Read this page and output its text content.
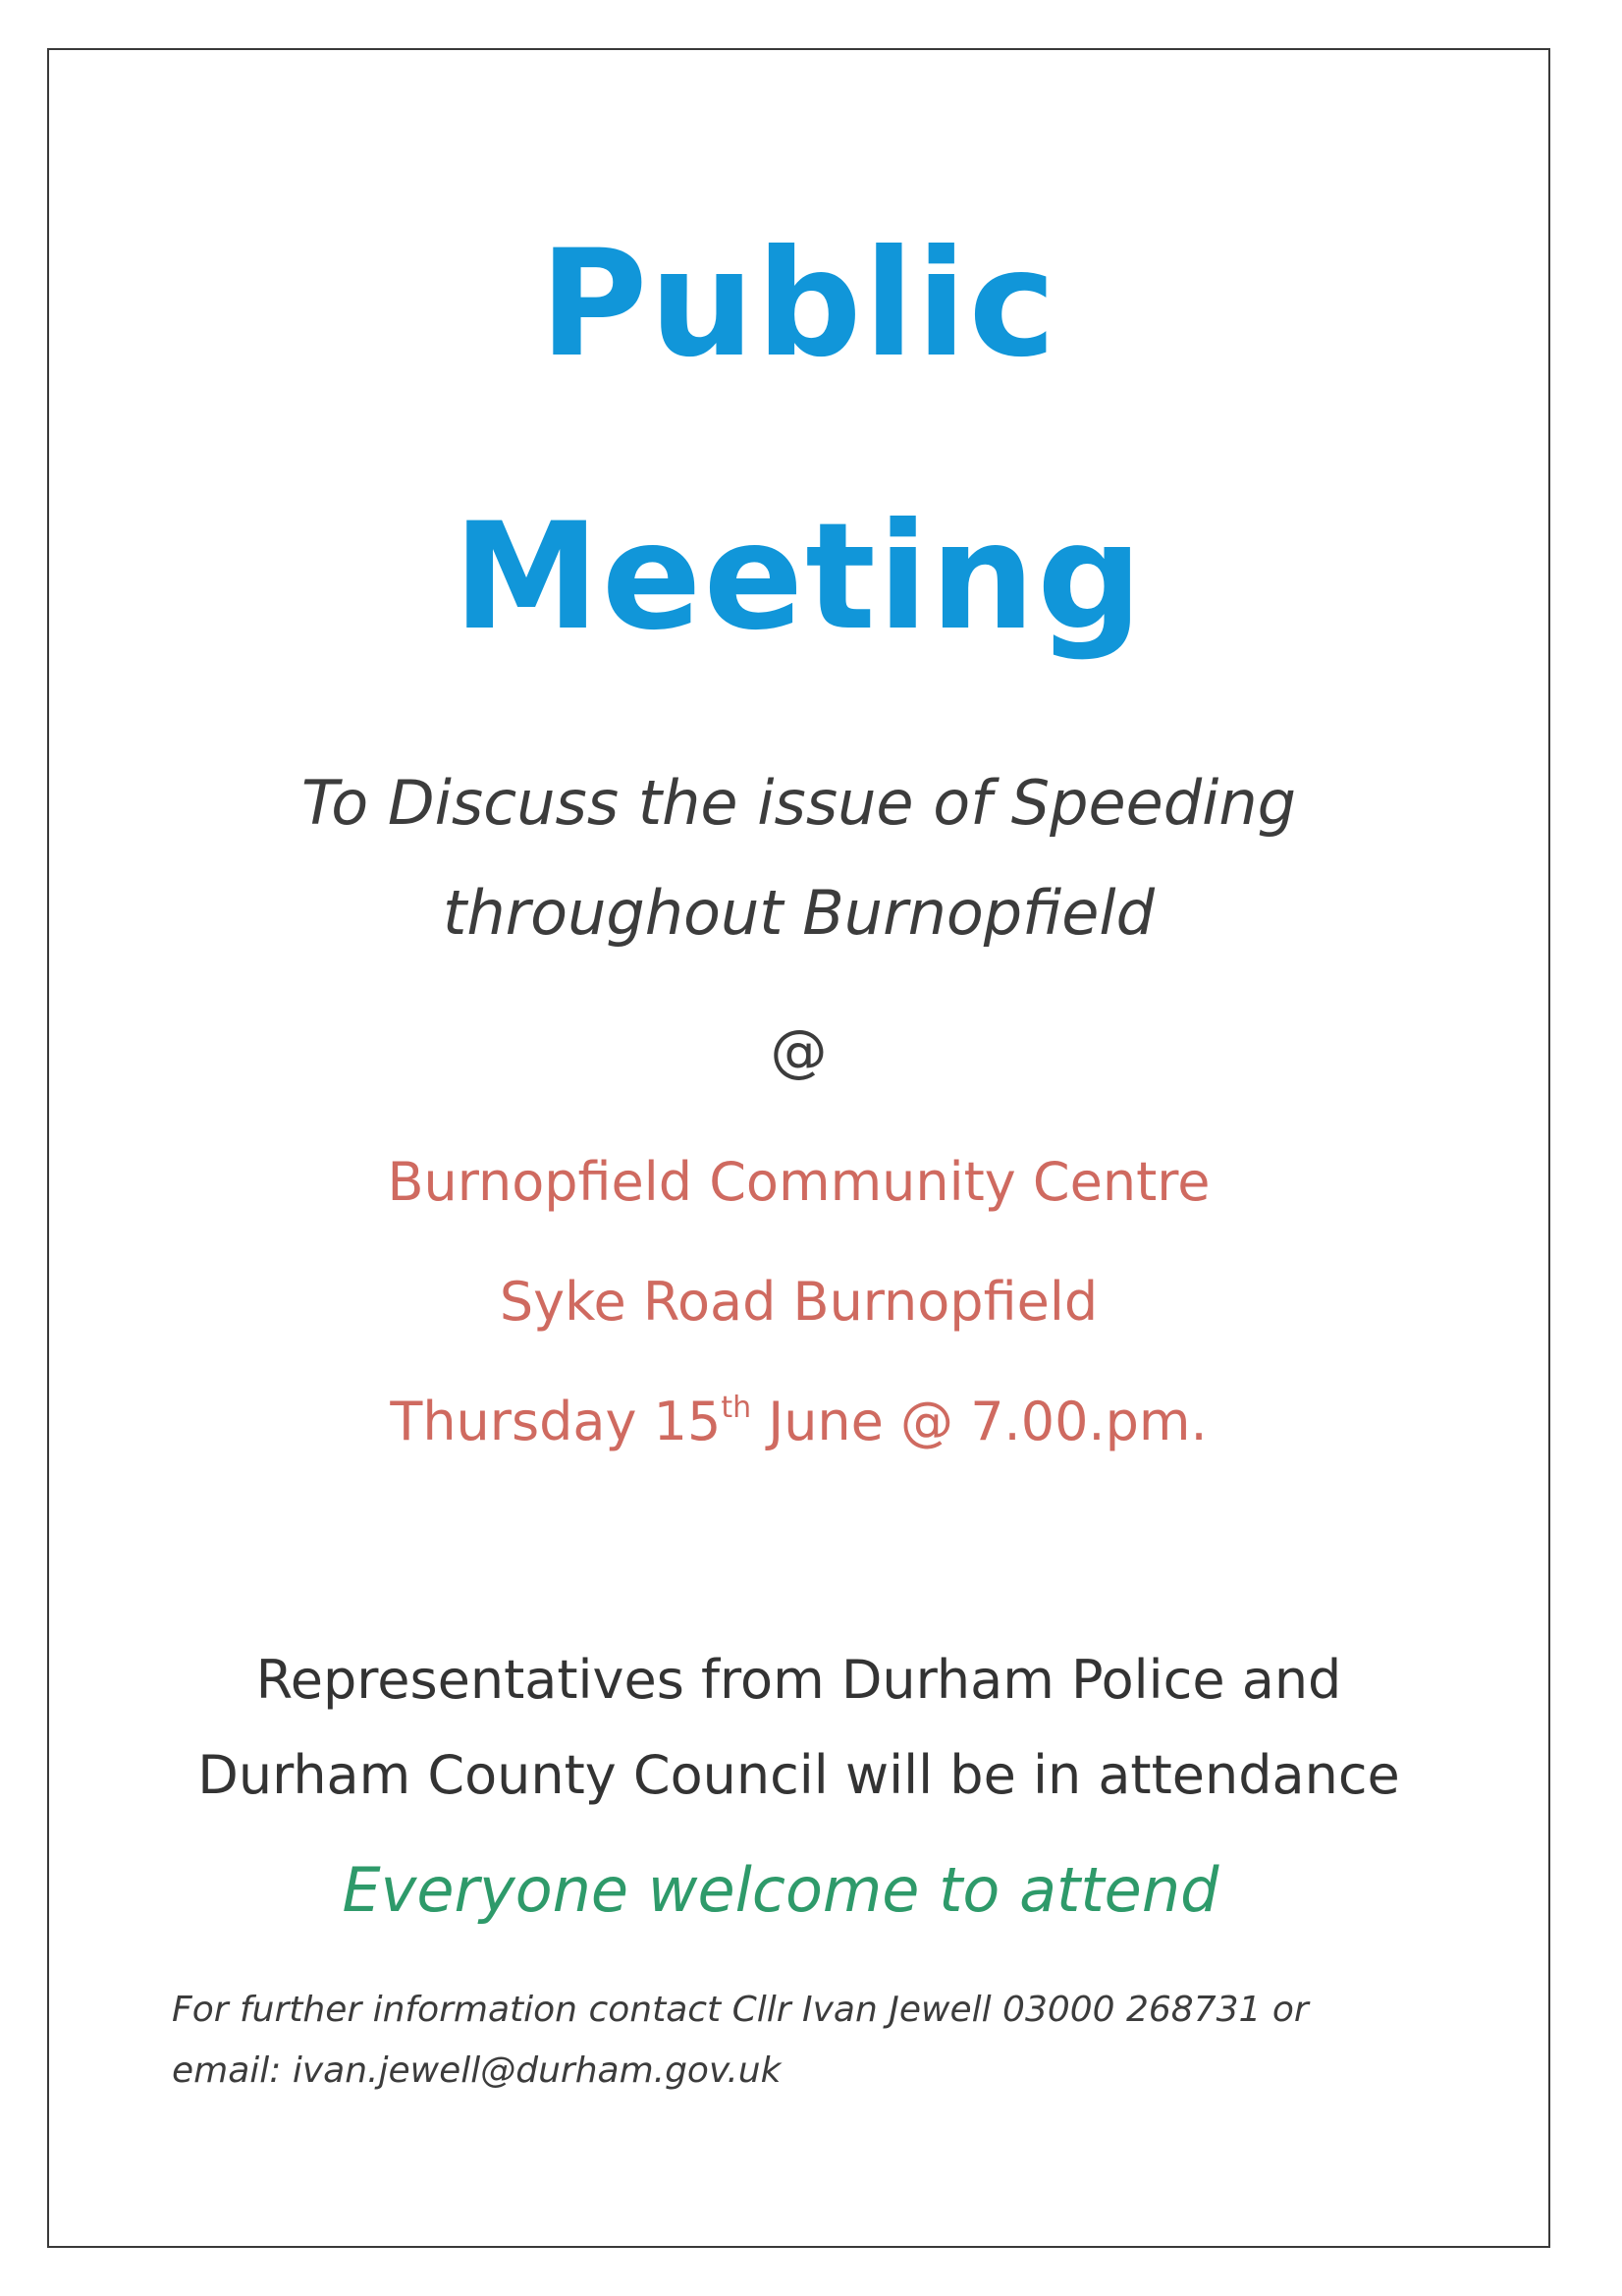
Public
Meeting
To Discuss the issue of Speeding
throughout Burnopfield
@
Burnopfield Community Centre
Syke Road Burnopfield
Thursday 15th June @ 7.00.pm.
Representatives from Durham Police and
Durham County Council will be in attendance
Everyone welcome to attend
For further information contact Cllr Ivan Jewell 03000 268731 or
email: ivan.jewell@durham.gov.uk
